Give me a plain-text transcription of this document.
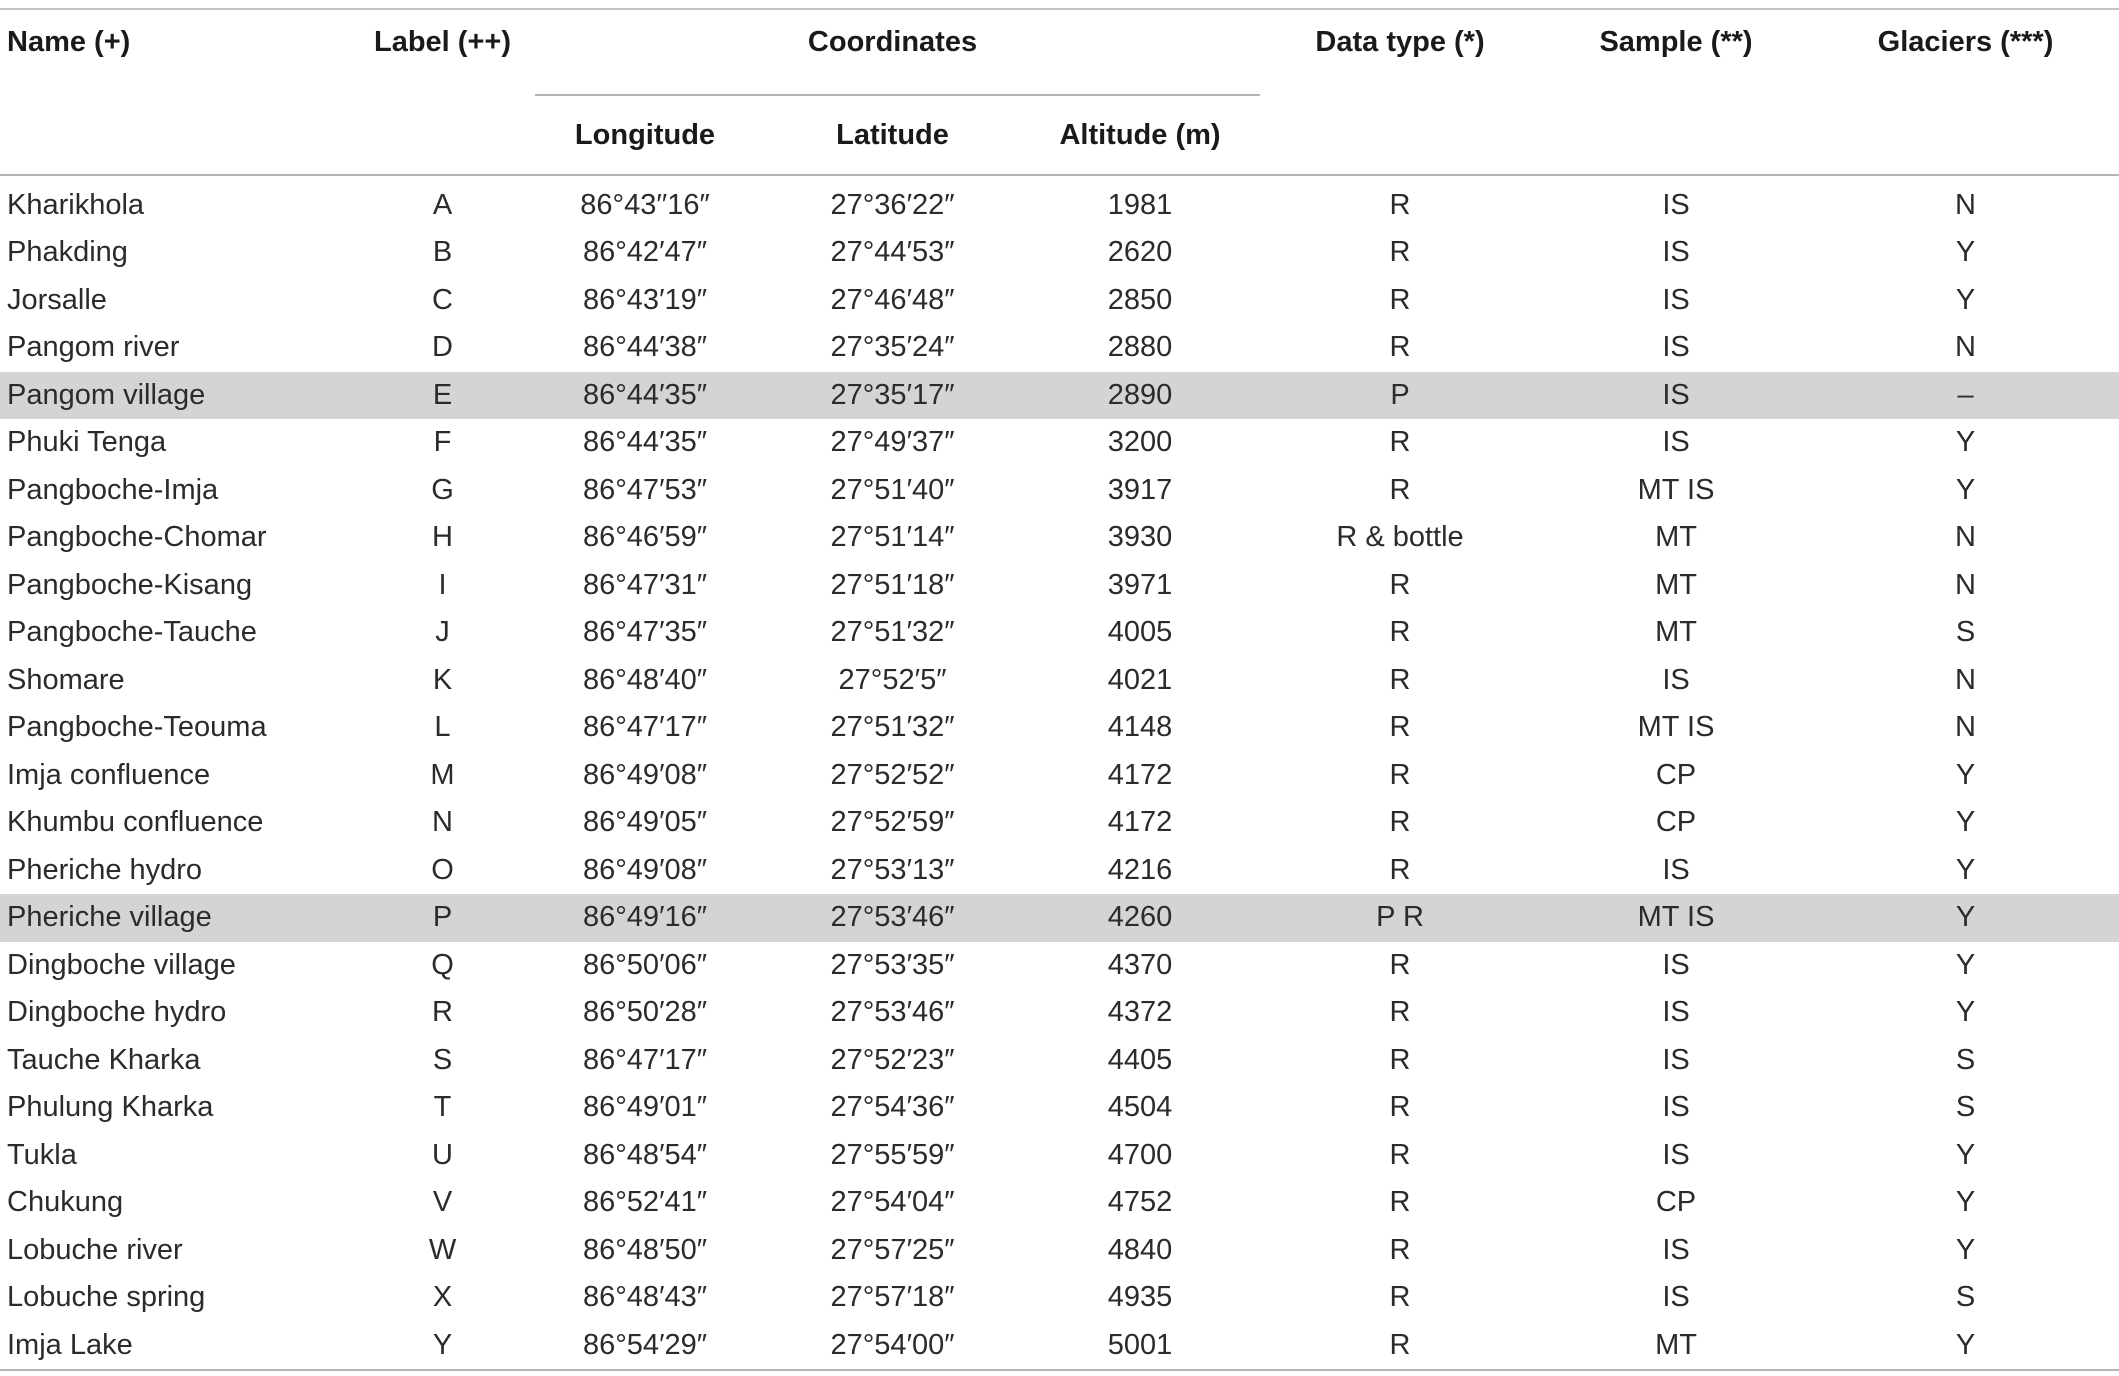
Name (+)	Label (++)	Coordinates			Data type (*)	Sample (**)	Glaciers (***)
		Longitude	Latitude	Altitude (m)			
Kharikhola	A	86°43′′16″	27°36′22″	1981	R	IS	N
Phakding	B	86°42′47″	27°44′53″	2620	R	IS	Y
Jorsalle	C	86°43′19″	27°46′48″	2850	R	IS	Y
Pangom river	D	86°44′38″	27°35′24″	2880	R	IS	N
Pangom village	E	86°44′35″	27°35′17″	2890	P	IS	–
Phuki Tenga	F	86°44′35″	27°49′37″	3200	R	IS	Y
Pangboche-Imja	G	86°47′53″	27°51′40″	3917	R	MT IS	Y
Pangboche-Chomar	H	86°46′59″	27°51′14″	3930	R & bottle	MT	N
Pangboche-Kisang	I	86°47′31″	27°51′18″	3971	R	MT	N
Pangboche-Tauche	J	86°47′35″	27°51′32″	4005	R	MT	S
Shomare	K	86°48′40″	27°52′5″	4021	R	IS	N
Pangboche-Teouma	L	86°47′17″	27°51′32″	4148	R	MT IS	N
Imja confluence	M	86°49′08″	27°52′52″	4172	R	CP	Y
Khumbu confluence	N	86°49′05″	27°52′59″	4172	R	CP	Y
Pheriche hydro	O	86°49′08″	27°53′13″	4216	R	IS	Y
Pheriche village	P	86°49′16″	27°53′46″	4260	P R	MT IS	Y
Dingboche village	Q	86°50′06″	27°53′35″	4370	R	IS	Y
Dingboche hydro	R	86°50′28″	27°53′46″	4372	R	IS	Y
Tauche Kharka	S	86°47′17″	27°52′23″	4405	R	IS	S
Phulung Kharka	T	86°49′01″	27°54′36″	4504	R	IS	S
Tukla	U	86°48′54″	27°55′59″	4700	R	IS	Y
Chukung	V	86°52′41″	27°54′04″	4752	R	CP	Y
Lobuche river	W	86°48′50″	27°57′25″	4840	R	IS	Y
Lobuche spring	X	86°48′43″	27°57′18″	4935	R	IS	S
Imja Lake	Y	86°54′29″	27°54′00″	5001	R	MT	Y
